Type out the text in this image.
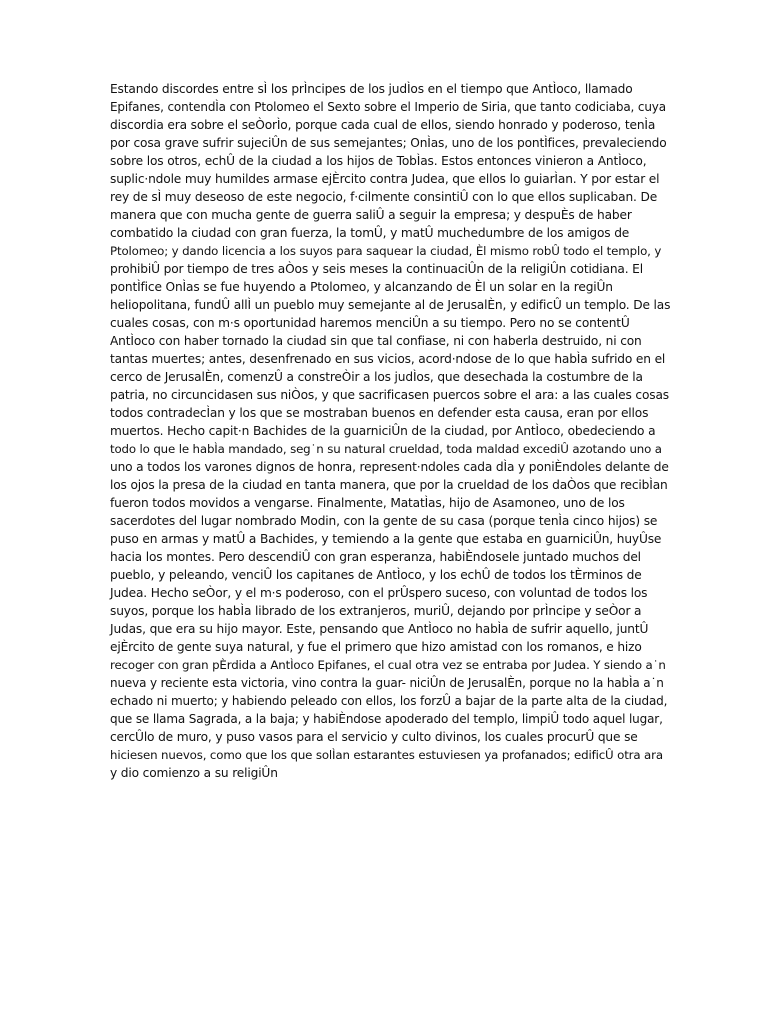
Estando discordes entre sÌ los prÌncipes de los judÌos en el tiempo que AntÌoco, llamado
Epifanes, contendÌa con Ptolomeo el Sexto sobre el Imperio de Siria, que tanto codiciaba, cuya
discordia era sobre el seÒorÌo, porque cada cual de ellos, siendo honrado y poderoso, tenÌa
por cosa grave sufrir sujeciÛn de sus semejantes; OnÌas, uno de los pontÌfices, prevaleciendo
sobre los otros, echÛ de la ciudad a los hijos de TobÌas. Estos entonces vinieron a AntÌoco,
suplic·ndole muy humildes armase ejÈrcito contra Judea, que ellos lo guiarÌan. Y por estar el
rey de sÌ muy deseoso de este negocio, f·cilmente consintiÛ con lo que ellos suplicaban. De
manera que con mucha gente de guerra saliÛ a seguir la empresa; y despuÈs de haber
combatido la ciudad con gran fuerza, la tomÛ, y matÛ muchedumbre de los amigos de
Ptolomeo; y dando licencia a los suyos para saquear la ciudad, Èl mismo robÛ todo el templo, y
prohibiÛ por tiempo de tres aÒos y seis meses la continuaciÛn de la religiÛn cotidiana. El
pontÌfice OnÌas se fue huyendo a Ptolomeo, y alcanzando de Èl un solar en la regiÛn
heliopolitana, fundÛ allÌ un pueblo muy semejante al de JerusalÈn, y edificÛ un templo. De las
cuales cosas, con m·s oportunidad haremos menciÛn a su tiempo. Pero no se contentÛ
AntÌoco con haber tornado la ciudad sin que tal confiase, ni con haberla destruido, ni con
tantas muertes; antes, desenfrenado en sus vicios, acord·ndose de lo que habÌa sufrido en el
cerco de JerusalÈn, comenzÛ a constreÒir a los judÌos, que desechada la costumbre de la
patria, no circuncidasen sus niÒos, y que sacrificasen puercos sobre el ara: a las cuales cosas
todos contradecÌan y los que se mostraban buenos en defender esta causa, eran por ellos
muertos. Hecho capit·n Bachides de la guarniciÛn de la ciudad, por AntÌoco, obedeciendo a
todo lo que le habÌa mandado, seg˙n su natural crueldad, toda maldad excediÛ azotando uno a
uno a todos los varones dignos de honra, represent·ndoles cada dÌa y poniÈndoles delante de
los ojos la presa de la ciudad en tanta manera, que por la crueldad de los daÒos que recibÌan
fueron todos movidos a vengarse. Finalmente, MatatÌas, hijo de Asamoneo, uno de los
sacerdotes del lugar nombrado Modin, con la gente de su casa (porque tenÌa cinco hijos) se
puso en armas y matÛ a Bachides, y temiendo a la gente que estaba en guarniciÛn, huyÛse
hacia los montes. Pero descendiÛ con gran esperanza, habiÈndosele juntado muchos del
pueblo, y peleando, venciÛ los capitanes de AntÌoco, y los echÛ de todos los tÈrminos de
Judea. Hecho seÒor, y el m·s poderoso, con el prÛspero suceso, con voluntad de todos los
suyos, porque los habÌa librado de los extranjeros, muriÛ, dejando por prÌncipe y seÒor a
Judas, que era su hijo mayor. Este, pensando que AntÌoco no habÌa de sufrir aquello, juntÛ
ejÈrcito de gente suya natural, y fue el primero que hizo amistad con los romanos, e hizo
recoger con gran pÈrdida a AntÌoco Epifanes, el cual otra vez se entraba por Judea. Y siendo a˙n
nueva y reciente esta victoria, vino contra la guar- niciÛn de JerusalÈn, porque no la habÌa a˙n
echado ni muerto; y habiendo peleado con ellos, los forzÛ a bajar de la parte alta de la ciudad,
que se llama Sagrada, a la baja; y habiÈndose apoderado del templo, limpiÛ todo aquel lugar,
cercÛlo de muro, y puso vasos para el servicio y culto divinos, los cuales procurÛ que se
hiciesen nuevos, como que los que solÌan estarantes estuviesen ya profanados; edificÛ otra ara
y dio comienzo a su religiÛn
